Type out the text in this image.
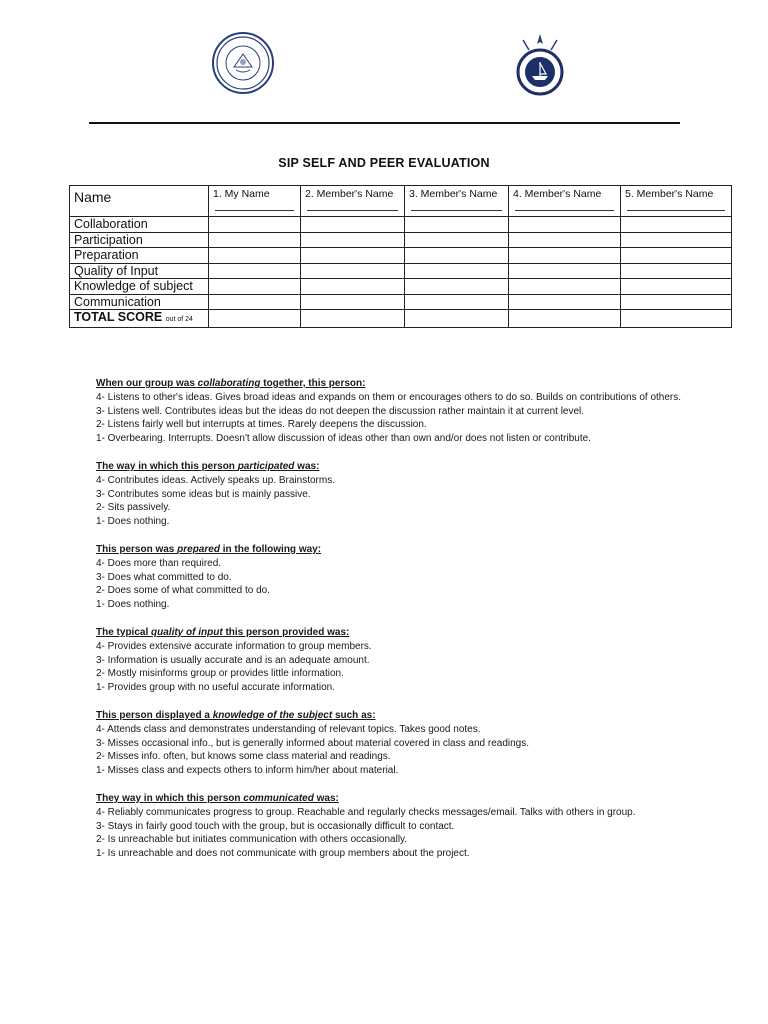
SIP SELF AND PEER EVALUATION
Name	1. My Name	2. Member's Name	3. Member's Name	4. Member's Name	5. Member's Name

Collaboration					
Participation					
Preparation					
Quality of Input					
Knowledge of subject					
Communication					
TOTAL SCORE out of 24					
When our group was collaborating together, this person:
4- Listens to other's ideas. Gives broad ideas and expands on them or encourages others to do so. Builds on contributions of others.
3- Listens well. Contributes ideas but the ideas do not deepen the discussion rather maintain it at current level.
2- Listens fairly well but interrupts at times. Rarely deepens the discussion.
1- Overbearing. Interrupts. Doesn't allow discussion of ideas other than own and/or does not listen or contribute.
The way in which this person participated was:
4- Contributes ideas. Actively speaks up. Brainstorms.
3- Contributes some ideas but is mainly passive.
2- Sits passively.
1- Does nothing.
This person was prepared in the following way:
4- Does more than required.
3- Does what committed to do.
2- Does some of what committed to do.
1- Does nothing.
The typical quality of input this person provided was:
4- Provides extensive accurate information to group members.
3- Information is usually accurate and is an adequate amount.
2- Mostly misinforms group or provides little information.
1- Provides group with no useful accurate information.
This person displayed a knowledge of the subject such as:
4- Attends class and demonstrates understanding of relevant topics. Takes good notes.
3- Misses occasional info., but is generally informed about material covered in class and readings.
2- Misses info. often, but knows some class material and readings.
1- Misses class and expects others to inform him/her about material.
They way in which this person communicated was:
4- Reliably communicates progress to group. Reachable and regularly checks messages/email. Talks with others in group.
3- Stays in fairly good touch with the group, but is occasionally difficult to contact.
2- Is unreachable but initiates communication with others occasionally.
1- Is unreachable and does not communicate with group members about the project.
